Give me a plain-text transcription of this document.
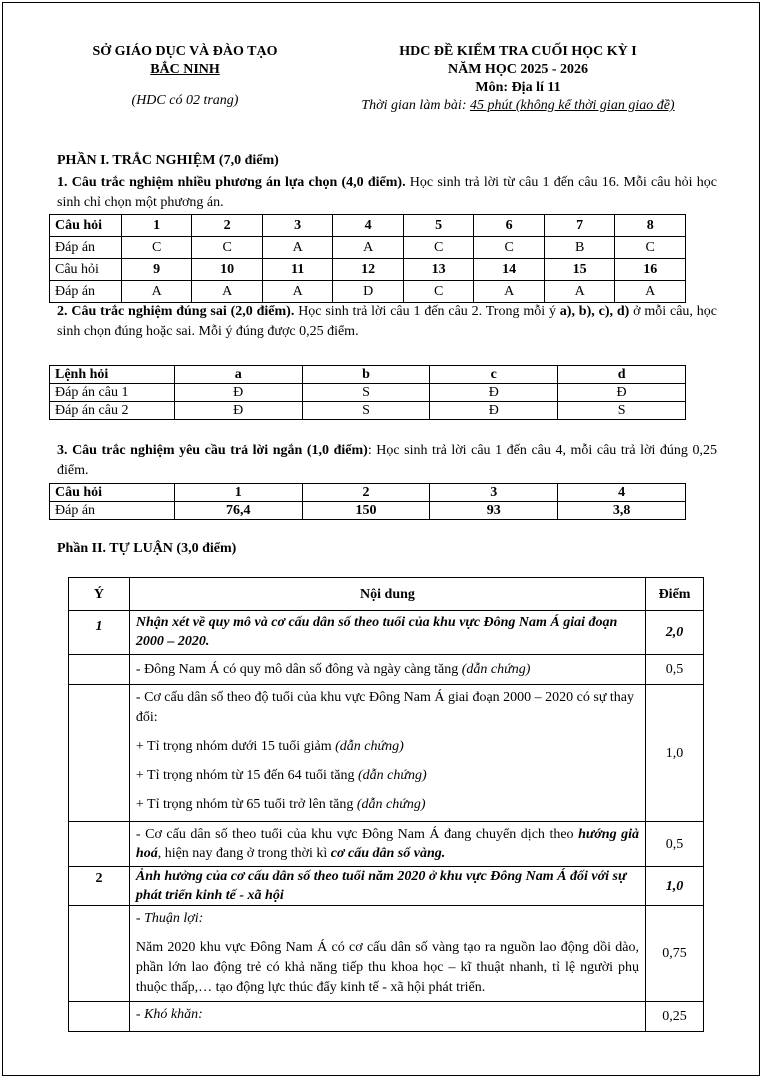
SỞ GIÁO DỤC VÀ ĐÀO TẠO
BẮC NINH
(HDC có 02 trang)
HDC ĐỀ KIỂM TRA CUỐI HỌC KỲ I
NĂM HỌC 2025 - 2026
Môn: Địa lí 11
Thời gian làm bài: 45 phút (không kể thời gian giao đề)
PHẦN I. TRẮC NGHIỆM (7,0 điểm)
1. Câu trắc nghiệm nhiều phương án lựa chọn (4,0 điểm). Học sinh trả lời từ câu 1 đến câu 16. Mỗi câu hỏi học sinh chỉ chọn một phương án.
Câu hỏi	1	2	3	4	5	6	7	8
Đáp án	C	C	A	A	C	C	B	C
Câu hỏi	9	10	11	12	13	14	15	16
Đáp án	A	A	A	D	C	A	A	A
2. Câu trắc nghiệm đúng sai (2,0 điểm). Học sinh trả lời câu 1 đến câu 2. Trong mỗi ý a), b), c), d) ở mỗi câu, học sinh chọn đúng hoặc sai. Mỗi ý đúng được 0,25 điểm.
Lệnh hỏi	a	b	c	d
Đáp án câu 1	Đ	S	Đ	Đ
Đáp án câu 2	Đ	S	Đ	S
3. Câu trắc nghiệm yêu cầu trả lời ngắn (1,0 điểm): Học sinh trả lời câu 1 đến câu 4, mỗi câu trả lời đúng 0,25 điểm.
Câu hỏi	1	2	3	4
Đáp án	76,4	150	93	3,8
Phần II. TỰ LUẬN (3,0 điểm)
Ý	Nội dung	Điểm
1	Nhận xét về quy mô và cơ cấu dân số theo tuổi của khu vực Đông Nam Á giai đoạn 2000 – 2020.	2,0
	- Đông Nam Á có quy mô dân số đông và ngày càng tăng (dẫn chứng)	0,5

	- Cơ cấu dân số theo độ tuổi của khu vực Đông Nam Á giai đoạn 2000 – 2020 có sự thay đổi:
+ Tỉ trọng nhóm dưới 15 tuổi giảm (dẫn chứng)
+ Tỉ trọng nhóm từ 15 đến 64 tuổi tăng (dẫn chứng)
+ Tỉ trọng nhóm từ 65 tuổi trở lên tăng (dẫn chứng)	1,0
	- Cơ cấu dân số theo tuổi của khu vực Đông Nam Á đang chuyển dịch theo hướng già hoá, hiện nay đang ở trong thời kì cơ cấu dân số vàng.	0,5
2	Ảnh hưởng của cơ cấu dân số theo tuổi năm 2020 ở khu vực Đông Nam Á đối với sự phát triển kinh tế - xã hội	1,0

	- Thuận lợi:
Năm 2020 khu vực Đông Nam Á có cơ cấu dân số vàng tạo ra nguồn lao động dồi dào, phần lớn lao động trẻ có khả năng tiếp thu khoa học – kĩ thuật nhanh, tỉ lệ người phụ thuộc thấp,… tạo động lực thúc đẩy kinh tế - xã hội phát triển.	0,75
	- Khó khăn:	0,25
